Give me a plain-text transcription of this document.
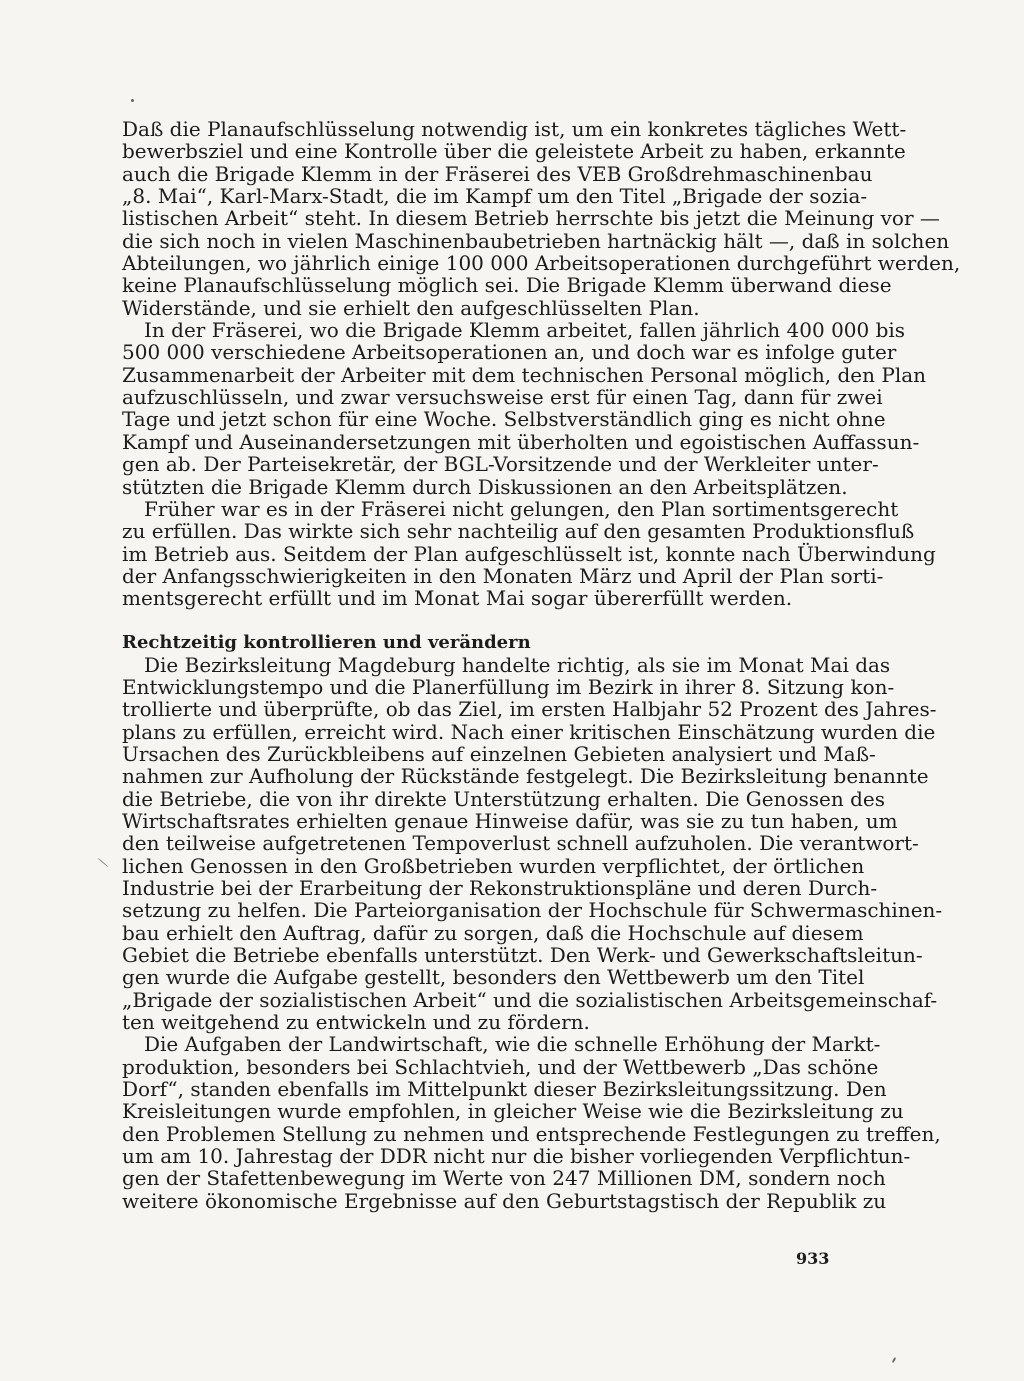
Daß die Planaufschlüsselung notwendig ist, um ein konkretes tägliches Wett-
bewerbsziel und eine Kontrolle über die geleistete Arbeit zu haben, erkannte
auch die Brigade Klemm in der Fräserei des VEB Großdrehmaschinenbau
„8. Mai“, Karl-Marx-Stadt, die im Kampf um den Titel „Brigade der sozia-
listischen Arbeit“ steht. In diesem Betrieb herrschte bis jetzt die Meinung vor —
die sich noch in vielen Maschinenbaubetrieben hartnäckig hält —, daß in solchen
Abteilungen, wo jährlich einige 100 000 Arbeitsoperationen durchgeführt werden,
keine Planaufschlüsselung möglich sei. Die Brigade Klemm überwand diese
Widerstände, und sie erhielt den aufgeschlüsselten Plan.
In der Fräserei, wo die Brigade Klemm arbeitet, fallen jährlich 400 000 bis
500 000 verschiedene Arbeitsoperationen an, und doch war es infolge guter
Zusammenarbeit der Arbeiter mit dem technischen Personal möglich, den Plan
aufzuschlüsseln, und zwar versuchsweise erst für einen Tag, dann für zwei
Tage und jetzt schon für eine Woche. Selbstverständlich ging es nicht ohne
Kampf und Auseinandersetzungen mit überholten und egoistischen Auffassun-
gen ab. Der Parteisekretär, der BGL-Vorsitzende und der Werkleiter unter-
stützten die Brigade Klemm durch Diskussionen an den Arbeitsplätzen.
Früher war es in der Fräserei nicht gelungen, den Plan sortimentsgerecht
zu erfüllen. Das wirkte sich sehr nachteilig auf den gesamten Produktionsfluß
im Betrieb aus. Seitdem der Plan aufgeschlüsselt ist, konnte nach Überwindung
der Anfangsschwierigkeiten in den Monaten März und April der Plan sorti-
mentsgerecht erfüllt und im Monat Mai sogar übererfüllt werden.
Rechtzeitig kontrollieren und verändern
Die Bezirksleitung Magdeburg handelte richtig, als sie im Monat Mai das
Entwicklungstempo und die Planerfüllung im Bezirk in ihrer 8. Sitzung kon-
trollierte und überprüfte, ob das Ziel, im ersten Halbjahr 52 Prozent des Jahres-
plans zu erfüllen, erreicht wird. Nach einer kritischen Einschätzung wurden die
Ursachen des Zurückbleibens auf einzelnen Gebieten analysiert und Maß-
nahmen zur Aufholung der Rückstände festgelegt. Die Bezirksleitung benannte
die Betriebe, die von ihr direkte Unterstützung erhalten. Die Genossen des
Wirtschaftsrates erhielten genaue Hinweise dafür, was sie zu tun haben, um
den teilweise aufgetretenen Tempoverlust schnell aufzuholen. Die verantwort-
lichen Genossen in den Großbetrieben wurden verpflichtet, der örtlichen
Industrie bei der Erarbeitung der Rekonstruktionspläne und deren Durch-
setzung zu helfen. Die Parteiorganisation der Hochschule für Schwermaschinen-
bau erhielt den Auftrag, dafür zu sorgen, daß die Hochschule auf diesem
Gebiet die Betriebe ebenfalls unterstützt. Den Werk- und Gewerkschaftsleitun-
gen wurde die Aufgabe gestellt, besonders den Wettbewerb um den Titel
„Brigade der sozialistischen Arbeit“ und die sozialistischen Arbeitsgemeinschaf-
ten weitgehend zu entwickeln und zu fördern.
Die Aufgaben der Landwirtschaft, wie die schnelle Erhöhung der Markt-
produktion, besonders bei Schlachtvieh, und der Wettbewerb „Das schöne
Dorf“, standen ebenfalls im Mittelpunkt dieser Bezirksleitungssitzung. Den
Kreisleitungen wurde empfohlen, in gleicher Weise wie die Bezirksleitung zu
den Problemen Stellung zu nehmen und entsprechende Festlegungen zu treffen,
um am 10. Jahrestag der DDR nicht nur die bisher vorliegenden Verpflichtun-
gen der Stafettenbewegung im Werte von 247 Millionen DM, sondern noch
weitere ökonomische Ergebnisse auf den Geburtstagstisch der Republik zu
933
